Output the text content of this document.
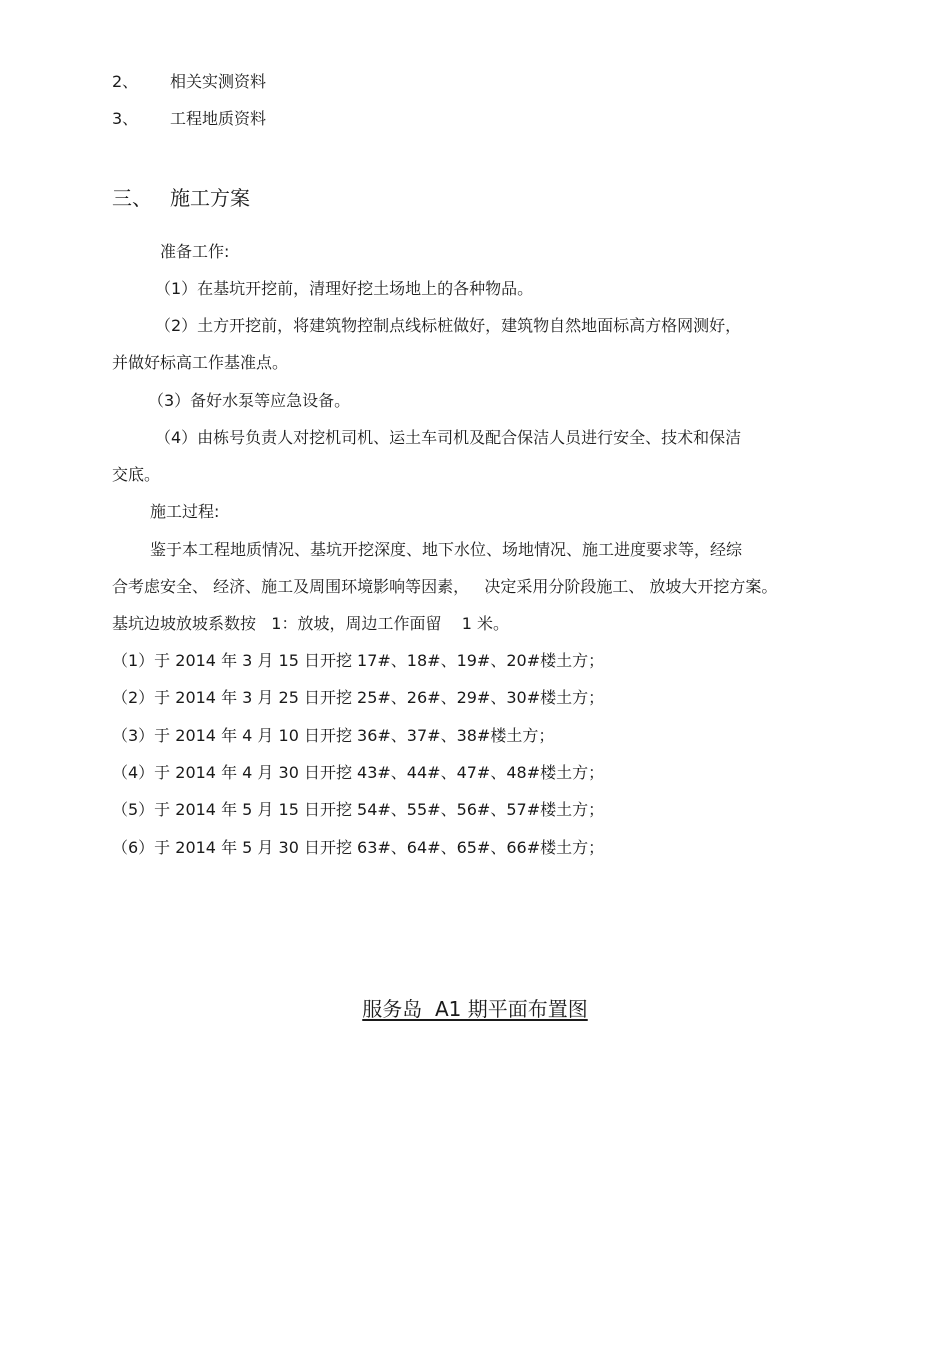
2、 相关实测资料
3、 工程地质资料
三、 施工方案
准备工作:
（1）在基坑开挖前，清理好挖土场地上的各种物品。
（2）土方开挖前，将建筑物控制点线标桩做好，建筑物自然地面标高方格网测好，
并做好标高工作基准点。
（3）备好水泵等应急设备。
（4）由栋号负责人对挖机司机、运土车司机及配合保洁人员进行安全、技术和保洁
交底。
施工过程:
鉴于本工程地质情况、基坑开挖深度、地下水位、场地情况、施工进度要求等，经综
合考虑安全、 经济、施工及周围环境影响等因素，   决定采用分阶段施工、 放坡大开挖方案。
基坑边坡放坡系数按   1：放坡，周边工作面留    1 米。
（1）于 2014 年 3 月 15 日开挖 17#、18#、19#、20#楼土方；
（2）于 2014 年 3 月 25 日开挖 25#、26#、29#、30#楼土方；
（3）于 2014 年 4 月 10 日开挖 36#、37#、38#楼土方；
（4）于 2014 年 4 月 30 日开挖 43#、44#、47#、48#楼土方；
（5）于 2014 年 5 月 15 日开挖 54#、55#、56#、57#楼土方；
（6）于 2014 年 5 月 30 日开挖 63#、64#、65#、66#楼土方；
服务岛  A1 期平面布置图
